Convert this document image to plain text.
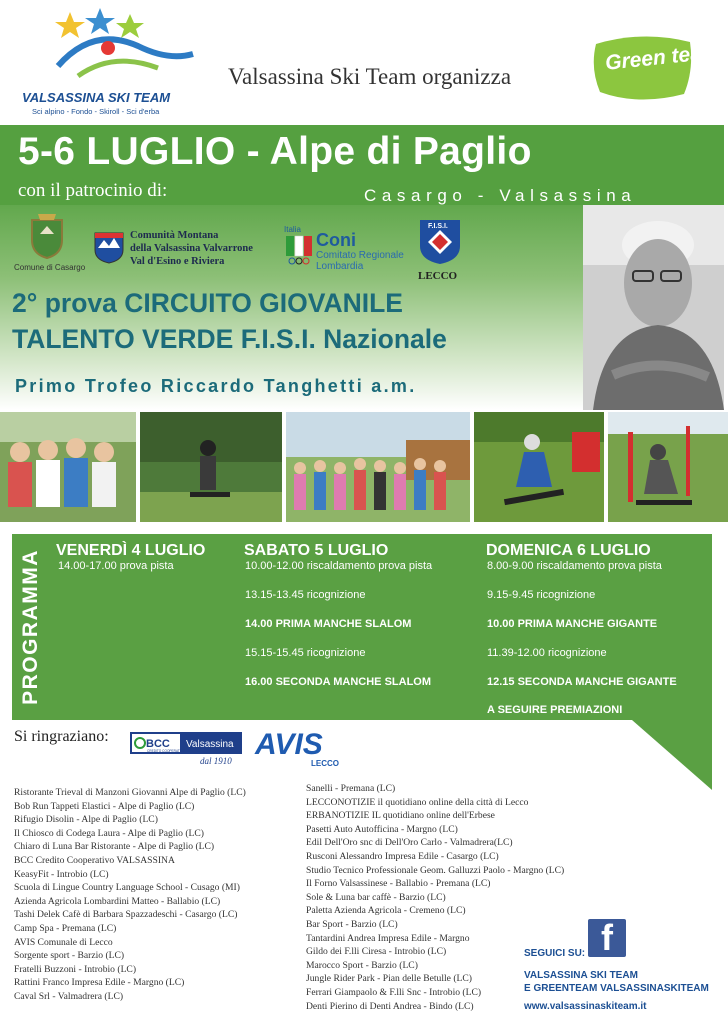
VALSASSINA SKI TEAM
Sci alpino - Fondo - Skiroll - Sci d'erba
Valsassina Ski Team organizza
Green team
5-6 LUGLIO - Alpe di Paglio
con il patrocinio di:	Casargo - Valsassina
Comune di Casargo
Comunità Montana
della Valsassina Valvarrone
Val d'Esino e Riviera
Italia
Coni
Comitato Regionale
Lombardia
F.I.S.I.
LECCO
2° prova CIRCUITO GIOVANILE
TALENTO VERDE F.I.S.I. Nazionale
Primo Trofeo Riccardo Tanghetti a.m.
PROGRAMMA VENERDÌ 4 LUGLIO
14.00-17.00 prova pista
SABATO 5 LUGLIO
10.00-12.00 riscaldamento prova pista
13.15-13.45 ricognizione
14.00 PRIMA MANCHE SLALOM
15.15-15.45 ricognizione
16.00 SECONDA MANCHE SLALOM
DOMENICA 6 LUGLIO
8.00-9.00 riscaldamento prova pista
9.15-9.45 ricognizione
10.00 PRIMA MANCHE GIGANTE
11.39-12.00 ricognizione
12.15 SECONDA MANCHE GIGANTE
A SEGUIRE PREMIAZIONI
Si ringraziano:	BCC
CREDITO COOPERATIVO
Valsassina
dal 1910 AVIS
LECCO
Ristorante Trieval di Manzoni Giovanni Alpe di Paglio (LC)
Bob Run Tappeti Elastici - Alpe di Paglio (LC)
Rifugio Disolin - Alpe di Paglio (LC)
Il Chiosco di Codega Laura - Alpe di Paglio (LC)
Chiaro di Luna Bar Ristorante - Alpe di Paglio (LC)
BCC Credito Cooperativo VALSASSINA
KeasyFit - Introbio (LC)
Scuola di Lingue Country Language School - Cusago (MI)
Azienda Agricola Lombardini Matteo - Ballabio (LC)
Tashi Delek Cafè di Barbara Spazzadeschi - Casargo (LC)
Camp Spa - Premana (LC)
AVIS Comunale di Lecco
Sorgente sport - Barzio (LC)
Fratelli Buzzoni - Introbio (LC)
Rattini Franco Impresa Edile - Margno (LC)
Caval Srl - Valmadrera (LC)
Sanelli - Premana (LC)
LECCONOTIZIE il quotidiano online della città di Lecco
ERBANOTIZIE IL quotidiano online dell'Erbese
Pasetti Auto Autofficina - Margno (LC)
Edil Dell'Oro snc di Dell'Oro Carlo - Valmadrera(LC)
Rusconi Alessandro Impresa Edile - Casargo (LC)
Studio Tecnico Professionale Geom. Galluzzi Paolo - Margno (LC)
Il Forno Valsassinese - Ballabio - Premana (LC)
Sole & Luna bar caffè - Barzio (LC)
Paletta Azienda Agricola - Cremeno (LC)
Bar Sport - Barzio (LC)
Tantardini Andrea Impresa Edile - Margno
Gildo dei F.lli Ciresa - Introbio (LC)
Marocco Sport - Barzio (LC)
Jungle Rider Park - Pian delle Betulle (LC)
Ferrari Giampaolo & F.lli Snc - Introbio (LC)
Denti Pierino di Denti Andrea - Bindo (LC)
f
SEGUICI SU:
VALSASSINA SKI TEAM
E GREENTEAM VALSASSINASKITEAM
www.valsassinaskiteam.it
